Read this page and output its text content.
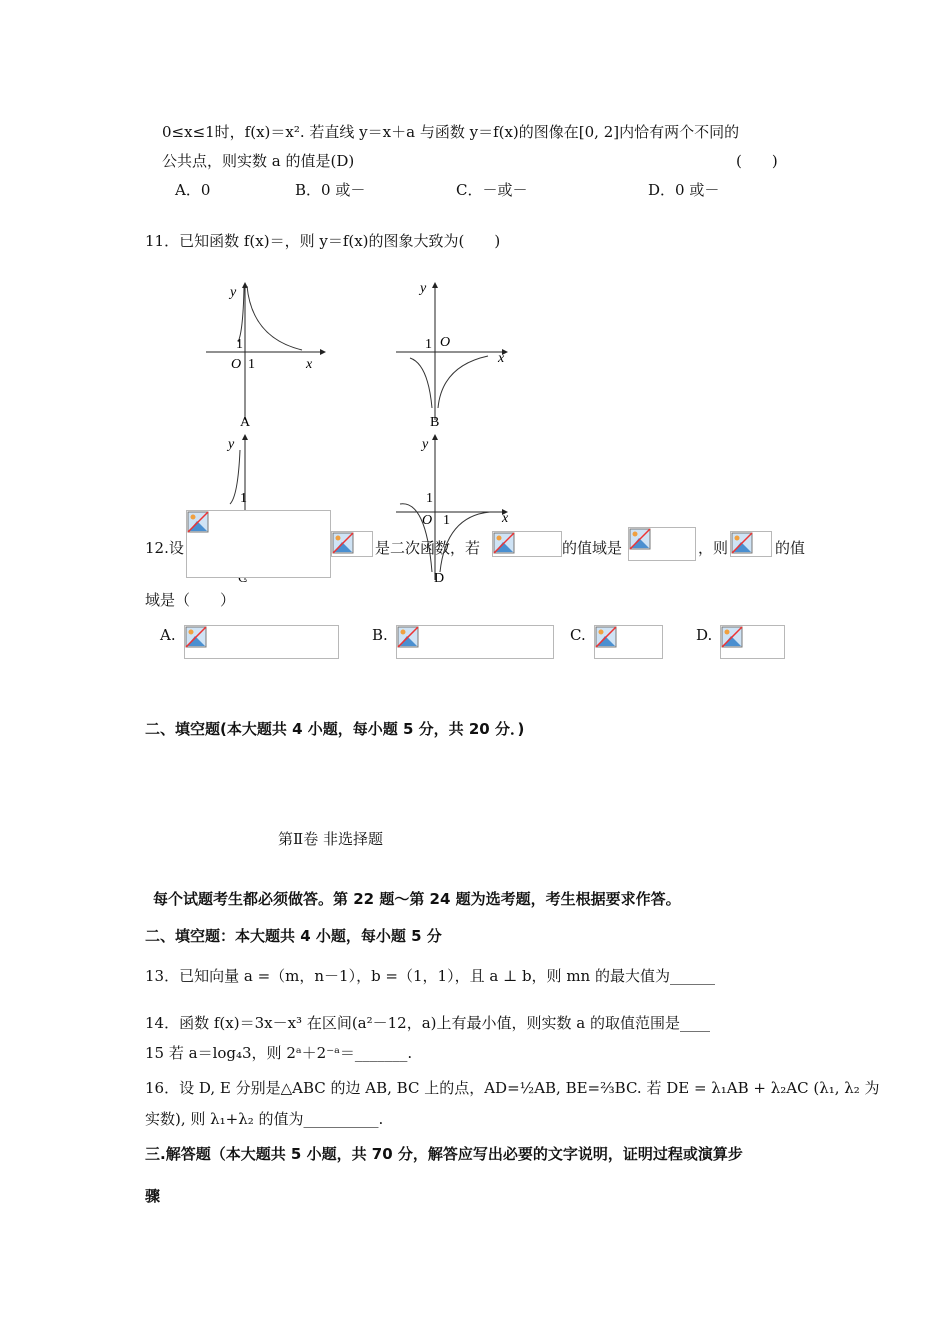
0≤x≤1时，f(x)＝x². 若直线 y＝x＋a 与函数 y＝f(x)的图像在[0, 2]内恰有两个不同的
公共点，则实数 a 的值是(D)	(　　)
A．0	B．0 或－	C．－或－	D．0 或－
11．已知函数 f(x)＝，则 y＝f(x)的图象大致为(　　)
y
x
O 1
1
A
y
x
O
1
B
y
1
y
x
O 1
1
D
12.设	是二次函数，若	的值域是	，则	的值
域是（　　）
A.	B.	C.	D.
二、填空题(本大题共 4 小题，每小题 5 分，共 20 分．)
第Ⅱ卷 非选择题
每个试题考生都必须做答。第 22 题～第 24 题为选考题，考生根据要求作答。
二、填空题：本大题共 4 小题，每小题 5 分
13．已知向量 a =（m，n－1），b =（1，1），且 a ⊥ b，则 mn 的最大值为______
14．函数 f(x)＝3x－x³ 在区间(a²－12，a)上有最小值，则实数 a 的取值范围是____
15 若 a＝log₄3，则 2ᵃ＋2⁻ᵃ＝_______.
16．设 D, E 分别是△ABC 的边 AB, BC 上的点，AD=½AB, BE=⅔BC. 若 DE = λ₁AB + λ₂AC (λ₁, λ₂ 为
实数), 则 λ₁+λ₂ 的值为__________.
三.解答题（本大题共 5 小题，共 70 分，解答应写出必要的文字说明，证明过程或演算步
骤
